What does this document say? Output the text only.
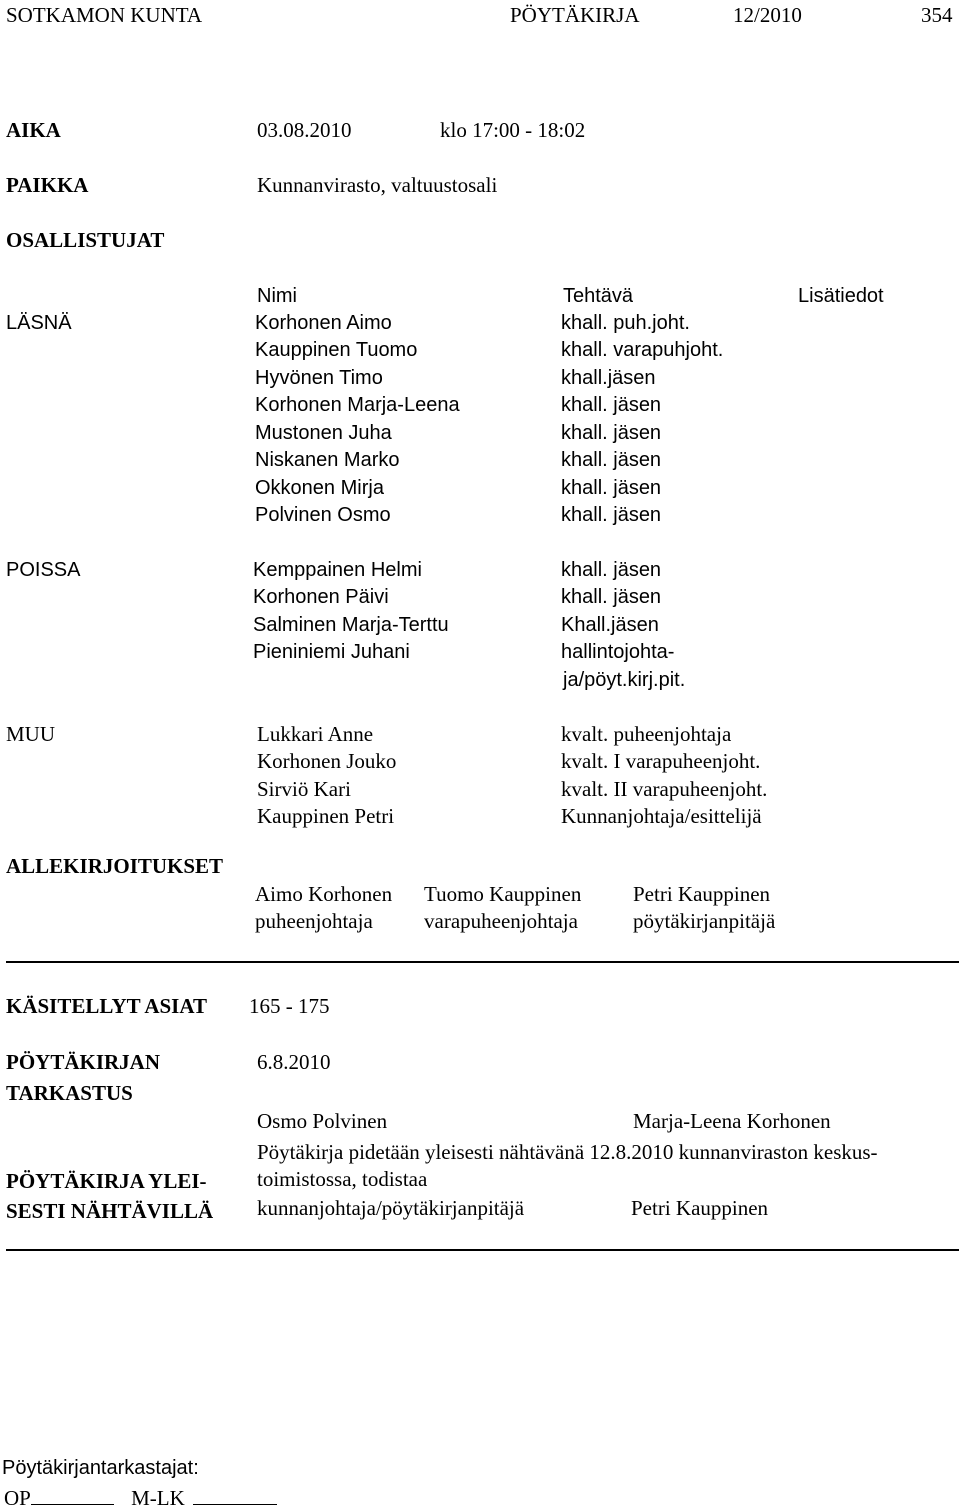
SOTKAMON KUNTA	PÖYTÄKIRJA	12/2010	354
AIKA	03.08.2010	klo 17:00 - 18:02
PAIKKA	Kunnanvirasto, valtuustosali
OSALLISTUJAT
Nimi	Tehtävä	Lisätiedot
LÄSNÄ	Korhonen Aimo	khall. puh.joht.
Kauppinen Tuomo	khall. varapuhjoht.
Hyvönen Timo	khall.jäsen
Korhonen Marja-Leena	khall. jäsen
Mustonen Juha	khall. jäsen
Niskanen Marko	khall. jäsen
Okkonen Mirja	khall. jäsen
Polvinen Osmo	khall. jäsen
POISSA	Kemppainen Helmi	khall. jäsen
Korhonen Päivi	khall. jäsen
Salminen Marja-Terttu	Khall.jäsen
Pieniniemi Juhani	hallintojohta-
ja/pöyt.kirj.pit.
MUU	Lukkari Anne	kvalt. puheenjohtaja
Korhonen Jouko	kvalt. I varapuheenjoht.
Sirviö Kari	kvalt. II varapuheenjoht.
Kauppinen Petri	Kunnanjohtaja/esittelijä
ALLEKIRJOITUKSET
Aimo Korhonen
puheenjohtaja
Tuomo Kauppinen
varapuheenjohtaja
Petri Kauppinen
pöytäkirjanpitäjä
KÄSITELLYT ASIAT 165 - 175
PÖYTÄKIRJAN
TARKASTUS
6.8.2010
Osmo Polvinen	Marja-Leena Korhonen
Pöytäkirja pidetään yleisesti nähtävänä 12.8.2010 kunnanviraston keskus-
toimistossa, todistaa
PÖYTÄKIRJA YLEI-
SESTI NÄHTÄVILLÄ kunnanjohtaja/pöytäkirjanpitäjä	Petri Kauppinen
Pöytäkirjantarkastajat:
OP	M-LK
